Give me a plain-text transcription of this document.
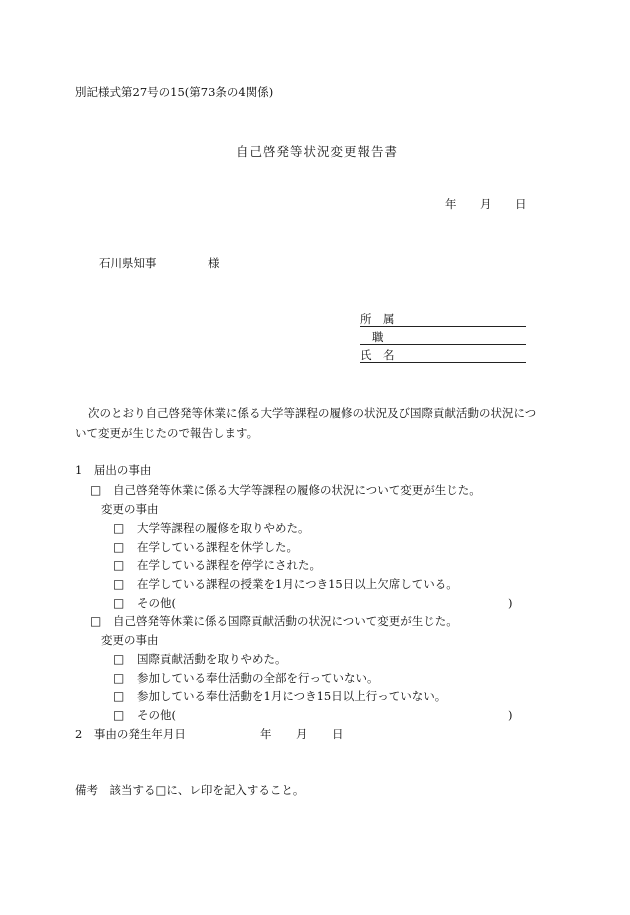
別記様式第27号の15(第73条の4関係)
自己啓発等状況変更報告書
年 月 日
石川県知事	様
所　属
職
氏　名
次のとおり自己啓発等休業に係る大学等課程の履修の状況及び国際貢献活動の状況につ
いて変更が生じたので報告します。
1　届出の事由
□ 自己啓発等休業に係る大学等課程の履修の状況について変更が生じた。
変更の事由
□ 大学等課程の履修を取りやめた。
□ 在学している課程を休学した。
□ 在学している課程を停学にされた。
□ 在学している課程の授業を1月につき15日以上欠席している。
□ その他(	)
□ 自己啓発等休業に係る国際貢献活動の状況について変更が生じた。
変更の事由
□ 国際貢献活動を取りやめた。
□ 参加している奉仕活動の全部を行っていない。
□ 参加している奉仕活動を1月につき15日以上行っていない。
□ その他(	)
2　事由の発生年月日	年 月 日
備考　該当する□に、レ印を記入すること。
